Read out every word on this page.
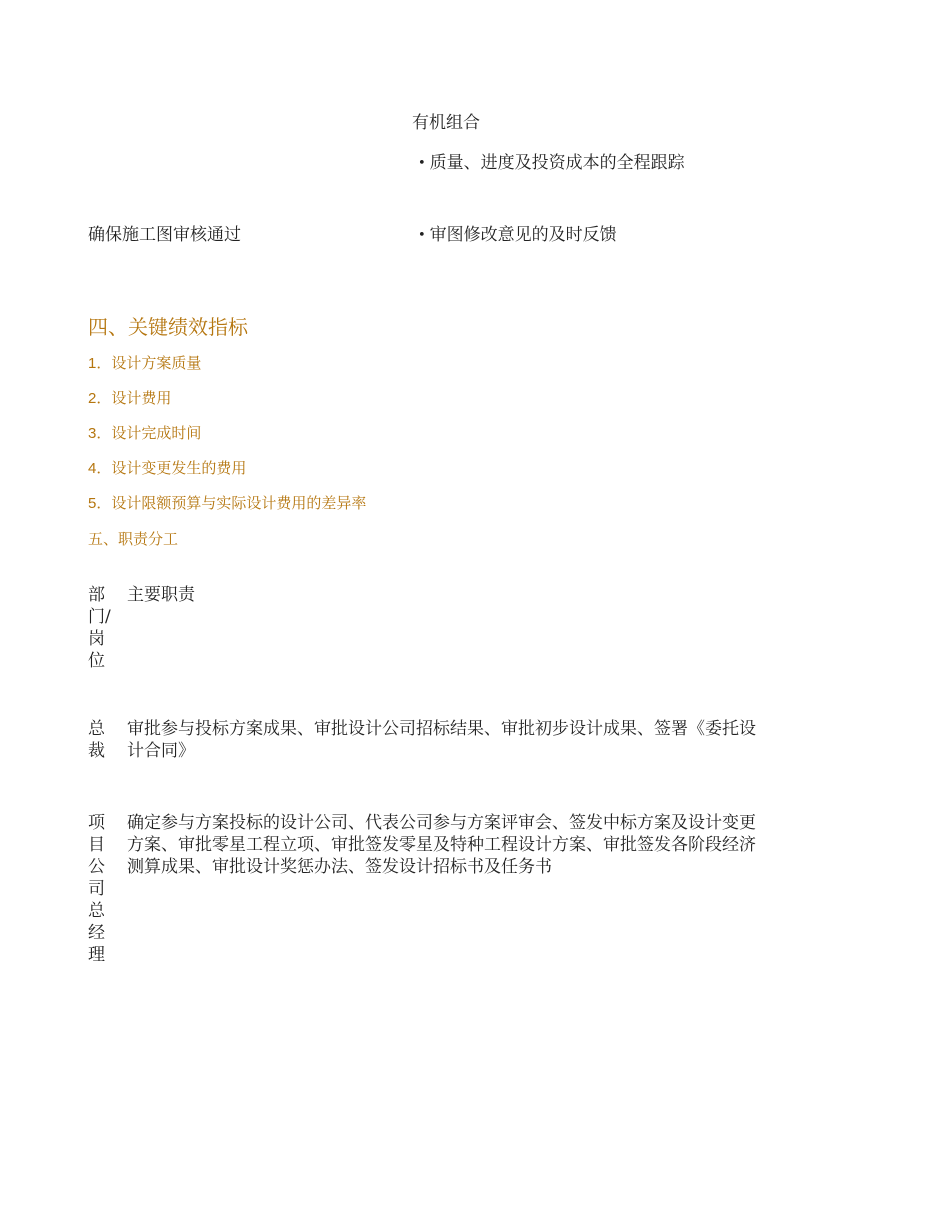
有机组合
• 质量、进度及投资成本的全程跟踪
确保施工图审核通过
•	审图修改意见的及时反馈
四、关键绩效指标
1．设计方案质量
2．设计费用
3．设计完成时间
4．设计变更发生的费用
5．设计限额预算与实际设计费用的差异率
五、职责分工
部门/岗位
主要职责
总裁
审批参与投标方案成果、审批设计公司招标结果、审批初步设计成果、签署《委托设计合同》
项目公司总经理
确定参与方案投标的设计公司、代表公司参与方案评审会、签发中标方案及设计变更方案、审批零星工程立项、审批签发零星及特种工程设计方案、审批签发各阶段经济测算成果、审批设计奖惩办法、签发设计招标书及任务书
